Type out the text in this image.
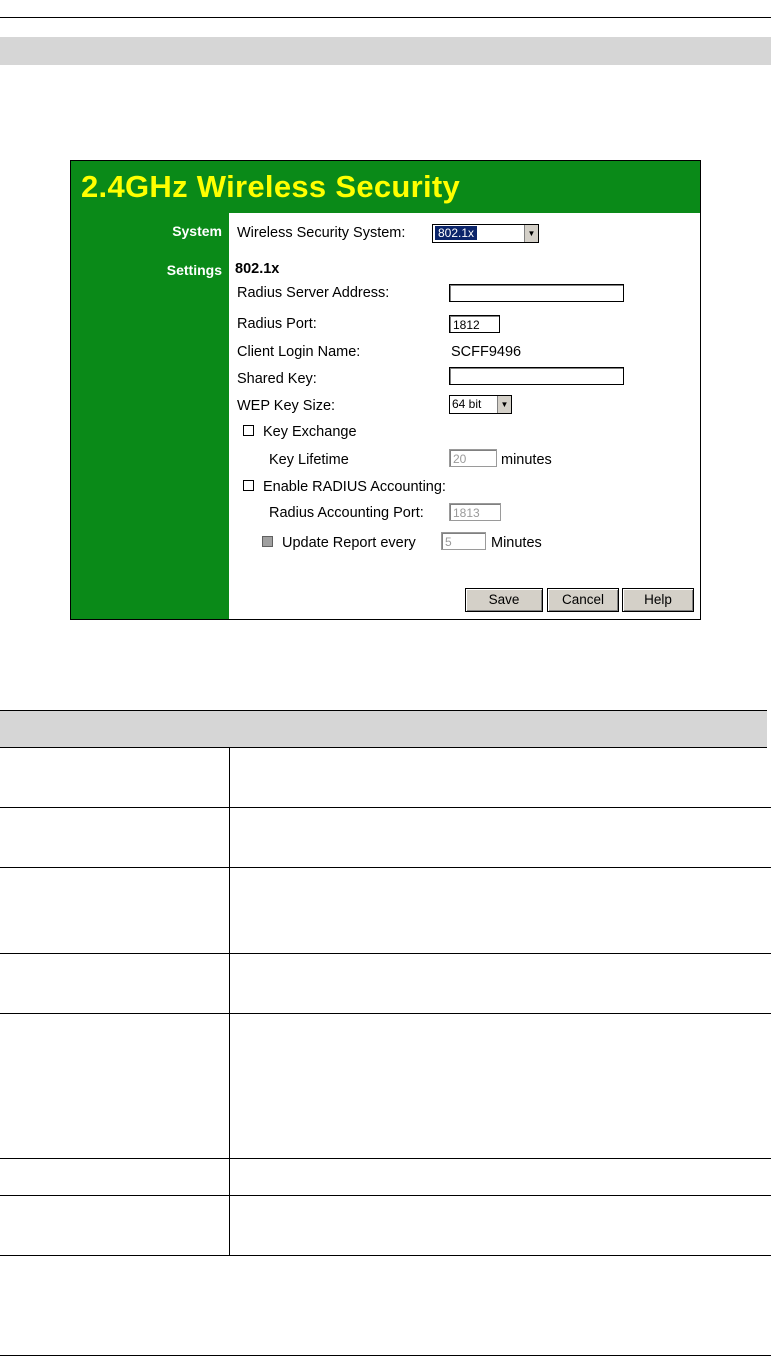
2.4GHz Wireless Security
System
Settings
Wireless Security System:	802.1x	▼
802.1x
Radius Server Address:
Radius Port:	1812
Client Login Name:	SCFF9496
Shared Key:
WEP Key Size:	64 bit	▼
Key Exchange
Key Lifetime	20	minutes
Enable RADIUS Accounting:
Radius Accounting Port:	1813
Update Report every	5	Minutes
Save	Cancel	Help
